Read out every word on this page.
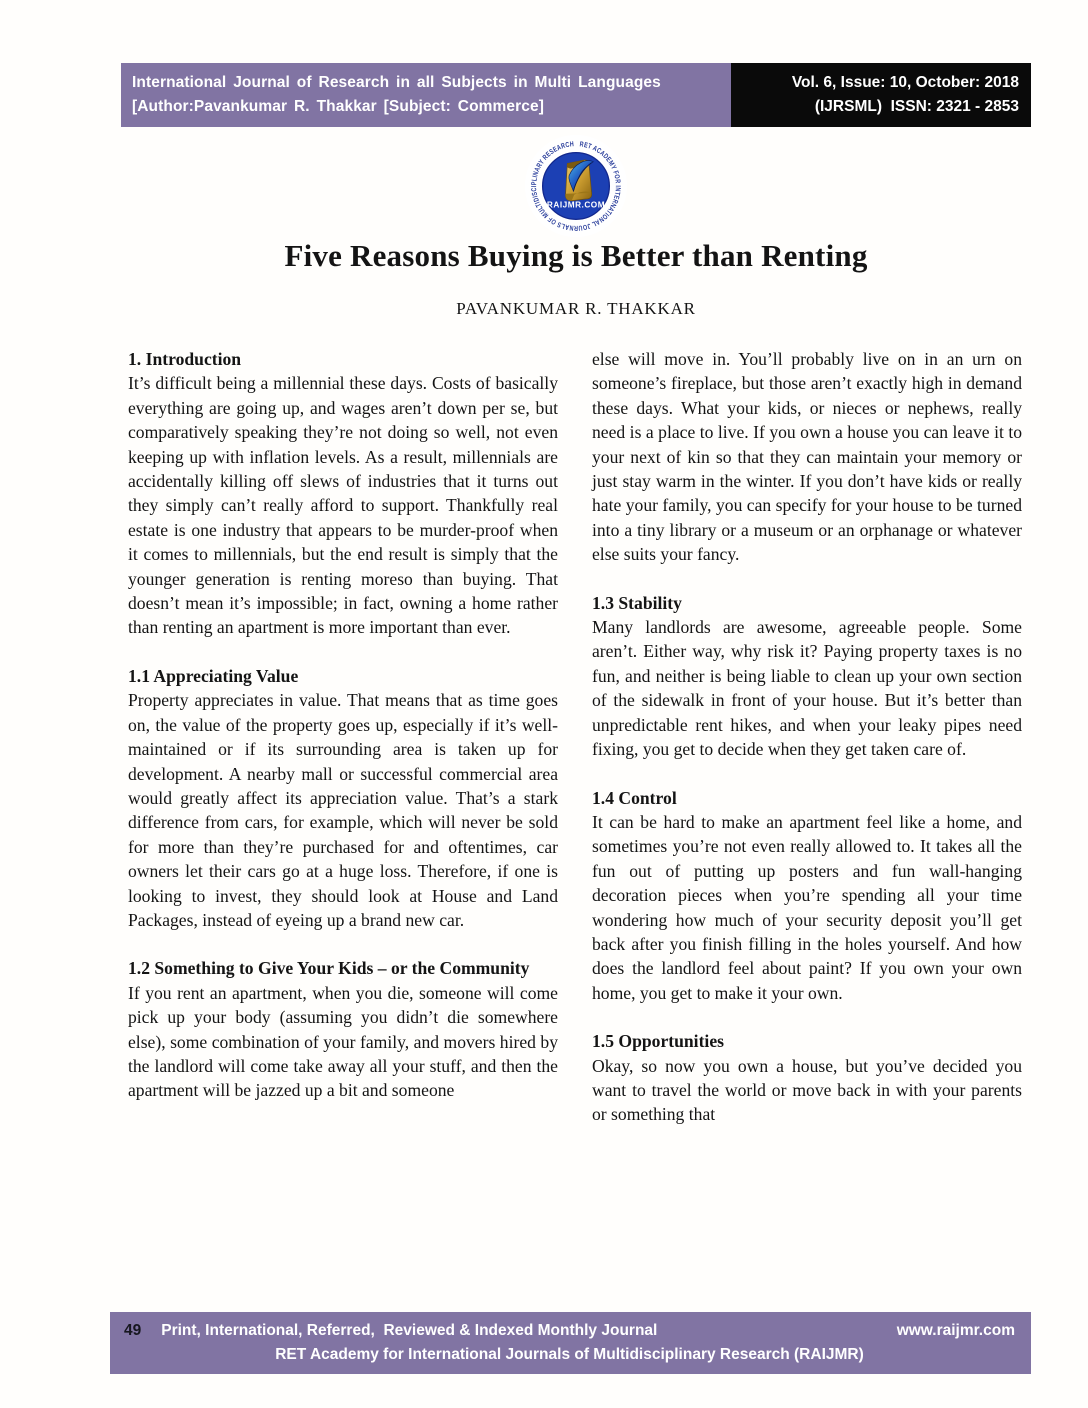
International Journal of Research in all Subjects in Multi Languages
[Author:Pavankumar R. Thakkar [Subject: Commerce]
Vol. 6, Issue: 10, October: 2018
(IJRSML)  ISSN: 2321 - 2853
RET ACADEMY FOR INTERNATIONAL JOURNALS OF MULTIDISCIPLINARY RESEARCH
RAIJMR.COM
Five Reasons Buying is Better than Renting
PAVANKUMAR R. THAKKAR
1. Introduction
It’s difficult being a millennial these days. Costs of basically everything are going up, and wages aren’t down per se, but comparatively speaking they’re not doing so well, not even keeping up with inflation levels. As a result, millennials are accidentally killing off slews of industries that it turns out they simply can’t really afford to support. Thankfully real estate is one industry that appears to be murder-proof when it comes to millennials, but the end result is simply that the younger generation is renting moreso than buying. That doesn’t mean it’s impossible; in fact, owning a home rather than renting an apartment is more important than ever.
1.1 Appreciating Value
Property appreciates in value. That means that as time goes on, the value of the property goes up, especially if it’s well-maintained or if its surrounding area is taken up for development. A nearby mall or successful commercial area would greatly affect its appreciation value. That’s a stark difference from cars, for example, which will never be sold for more than they’re purchased for and oftentimes, car owners let their cars go at a huge loss. Therefore, if one is looking to invest, they should look at House and Land Packages, instead of eyeing up a brand new car.
1.2 Something to Give Your Kids – or the Community
If you rent an apartment, when you die, someone will come pick up your body (assuming you didn’t die somewhere else), some combination of your family, and movers hired by the landlord will come take away all your stuff, and then the apartment will be jazzed up a bit and someone
else will move in. You’ll probably live on in an urn on someone’s fireplace, but those aren’t exactly high in demand these days. What your kids, or nieces or nephews, really need is a place to live. If you own a house you can leave it to your next of kin so that they can maintain your memory or just stay warm in the winter. If you don’t have kids or really hate your family, you can specify for your house to be turned into a tiny library or a museum or an orphanage or whatever else suits your fancy.
1.3 Stability
Many landlords are awesome, agreeable people. Some aren’t. Either way, why risk it? Paying property taxes is no fun, and neither is being liable to clean up your own section of the sidewalk in front of your house. But it’s better than unpredictable rent hikes, and when your leaky pipes need fixing, you get to decide when they get taken care of.
1.4 Control
It can be hard to make an apartment feel like a home, and sometimes you’re not even really allowed to. It takes all the fun out of putting up posters and fun wall-hanging decoration pieces when you’re spending all your time wondering how much of your security deposit you’ll get back after you finish filling in the holes yourself. And how does the landlord feel about paint? If you own your own home, you get to make it your own.
1.5 Opportunities
Okay, so now you own a house, but you’ve decided you want to travel the world or move back in with your parents or something that
49 Print, International, Referred,  Reviewed & Indexed Monthly Journal	www.raijmr.com
RET Academy for International Journals of Multidisciplinary Research (RAIJMR)
